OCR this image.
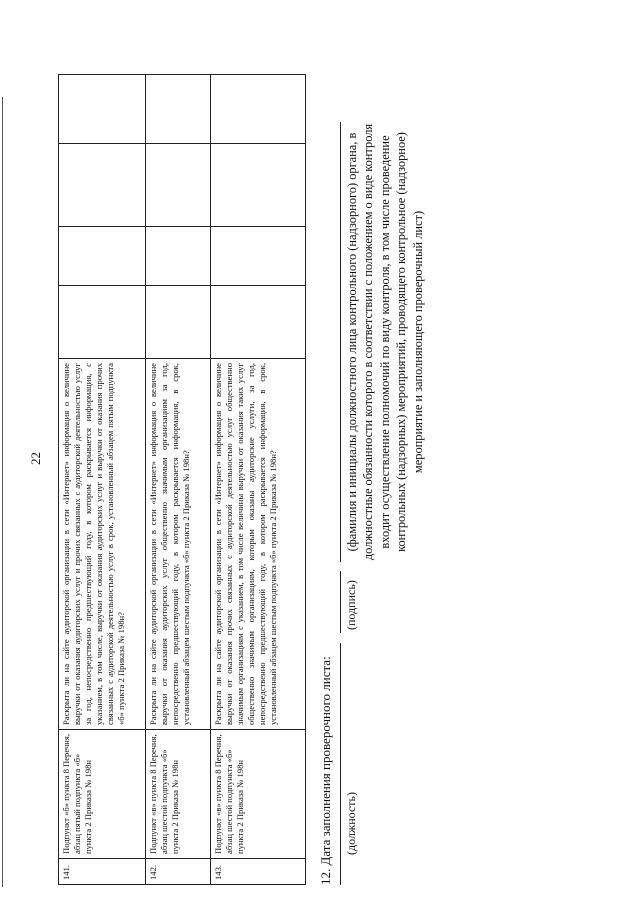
22
141.	Подпункт «б» пункта 8 Перечня, абзац пятый подпункта «б» пункта 2 Приказа № 198н	Раскрыта ли на сайте аудиторской организации в сети «Интернет» информация о величине выручки от оказания аудиторских услуг и прочих связанных с аудиторской деятельностью услуг за год, непосредственно предшествующий году, в котором раскрывается информация, с указанием, в том числе, выручки от оказания аудиторских услуг и выручки от оказания прочих связанных с аудиторской деятельностью услуг в срок, установленный абзацем пятым подпункта «б» пункта 2 Приказа № 198н?				
142.	Подпункт «в» пункта 8 Перечня, абзац шестой подпункта «б» пункта 2 Приказа № 198н	Раскрыта ли на сайте аудиторской организации в сети «Интернет» информация о величине выручки от оказания аудиторских услуг общественно значимым организациям за год, непосредственно предшествующий году, в котором раскрывается информация, в срок, установленный абзацем шестым подпункта «б» пункта 2 Приказа № 198н?				
143.	Подпункт «в» пункта 8 Перечня, абзац шестой подпункта «б» пункта 2 Приказа № 198н	Раскрыта ли на сайте аудиторской организации в сети «Интернет» информация о величине выручки от оказания прочих связанных с аудиторской деятельностью услуг общественно значимым организациям с указанием, в том числе величины выручки от оказания таких услуг общественно значимым организациям, которым оказаны аудиторские услуги, за год, непосредственно предшествующий году, в котором раскрывается информация, в срок, установленный абзацем шестым подпункта «б» пункта 2 Приказа № 198н?				
12. Дата заполнения проверочного листа: (должность)
(подпись)
(фамилия и инициалы должностного лица контрольного (надзорного) органа, в должностные обязанности которого в соответствии с положением о виде контроля входит осуществление полномочий по виду контроля, в том числе проведение контрольных (надзорных) мероприятий, проводящего контрольное (надзорное) мероприятие и заполняющего проверочный лист)
